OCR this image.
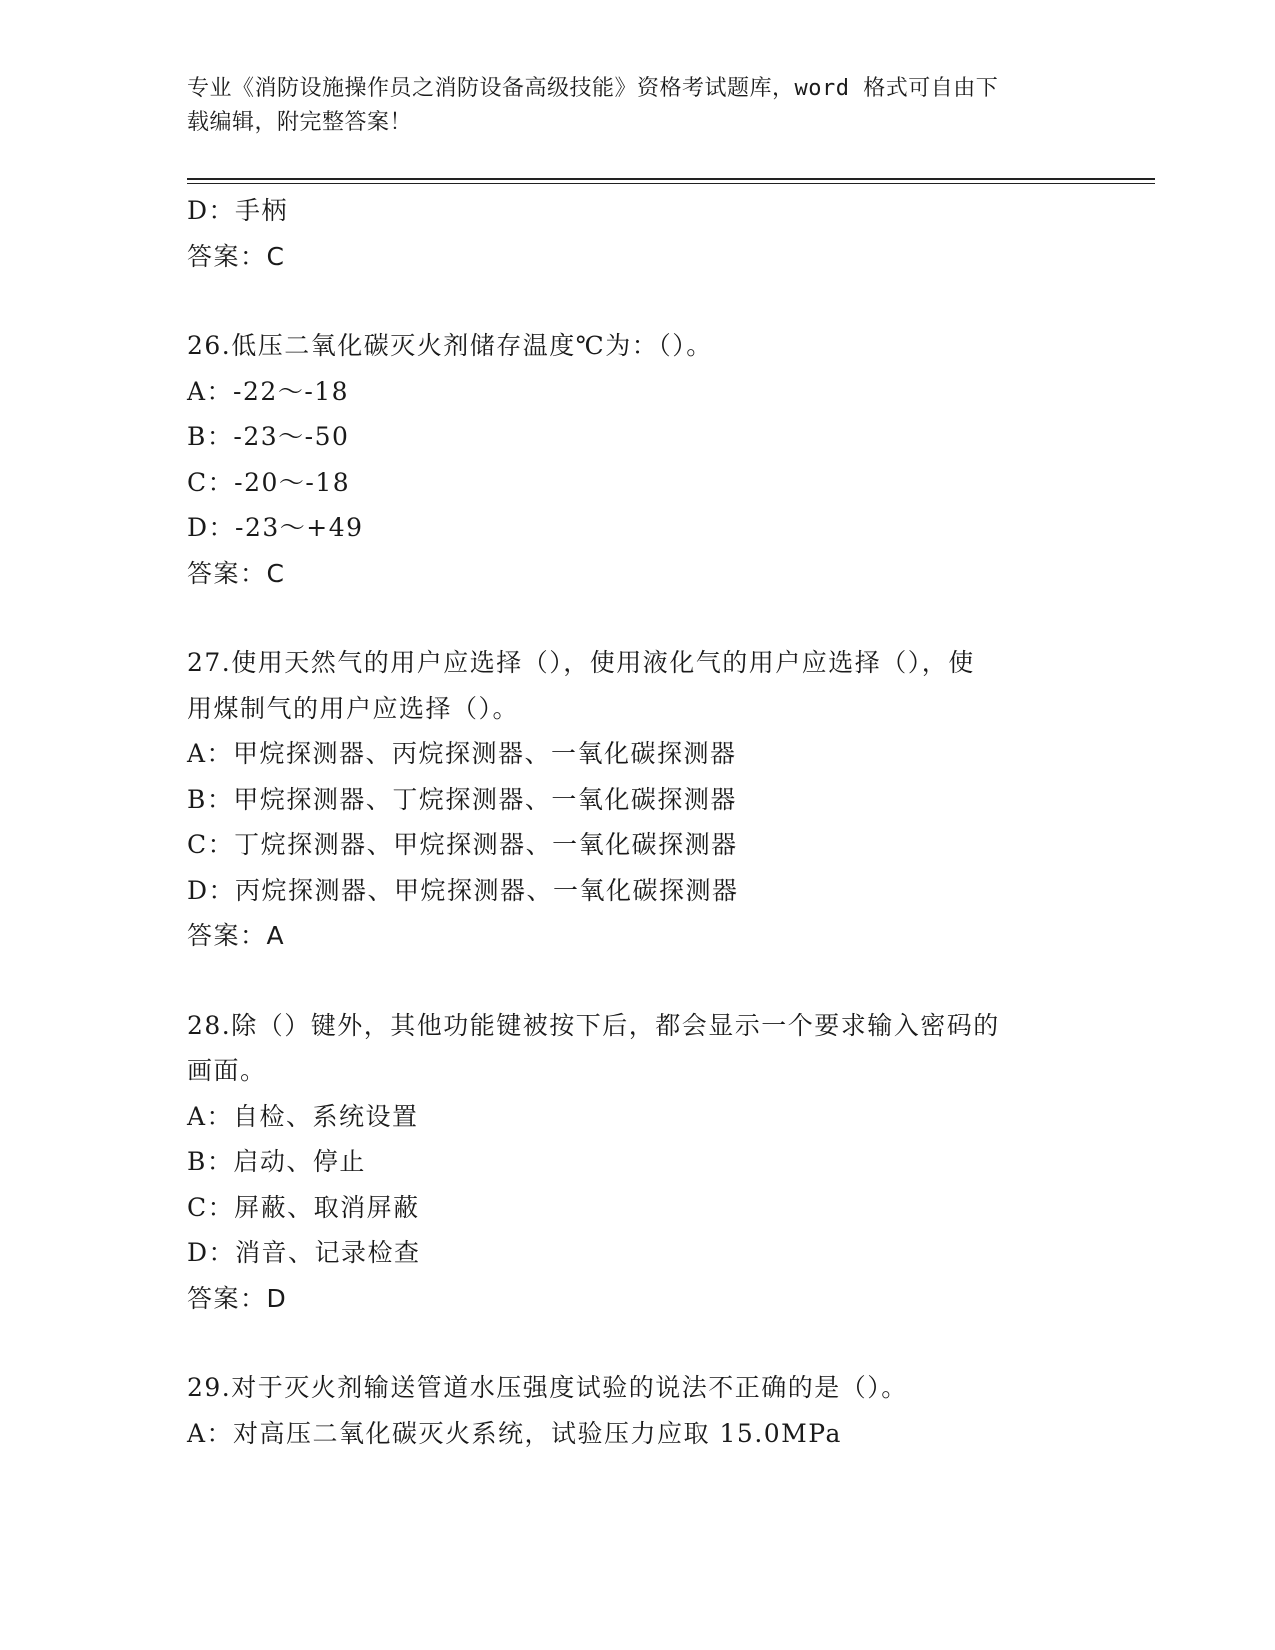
专业《消防设施操作员之消防设备高级技能》资格考试题库，word 格式可自由下
载编辑，附完整答案！
D：手柄
答案：C
26.低压二氧化碳灭火剂储存温度℃为：（）。
A：-22～-18
B：-23～-50
C：-20～-18
D：-23～+49
答案：C
27.使用天然气的用户应选择（），使用液化气的用户应选择（），使
用煤制气的用户应选择（）。
A：甲烷探测器、丙烷探测器、一氧化碳探测器
B：甲烷探测器、丁烷探测器、一氧化碳探测器
C：丁烷探测器、甲烷探测器、一氧化碳探测器
D：丙烷探测器、甲烷探测器、一氧化碳探测器
答案：A
28.除（）键外，其他功能键被按下后，都会显示一个要求输入密码的
画面。
A：自检、系统设置
B：启动、停止
C：屏蔽、取消屏蔽
D：消音、记录检查
答案：D
29.对于灭火剂输送管道水压强度试验的说法不正确的是（）。
A：对高压二氧化碳灭火系统，试验压力应取 15.0MPa
